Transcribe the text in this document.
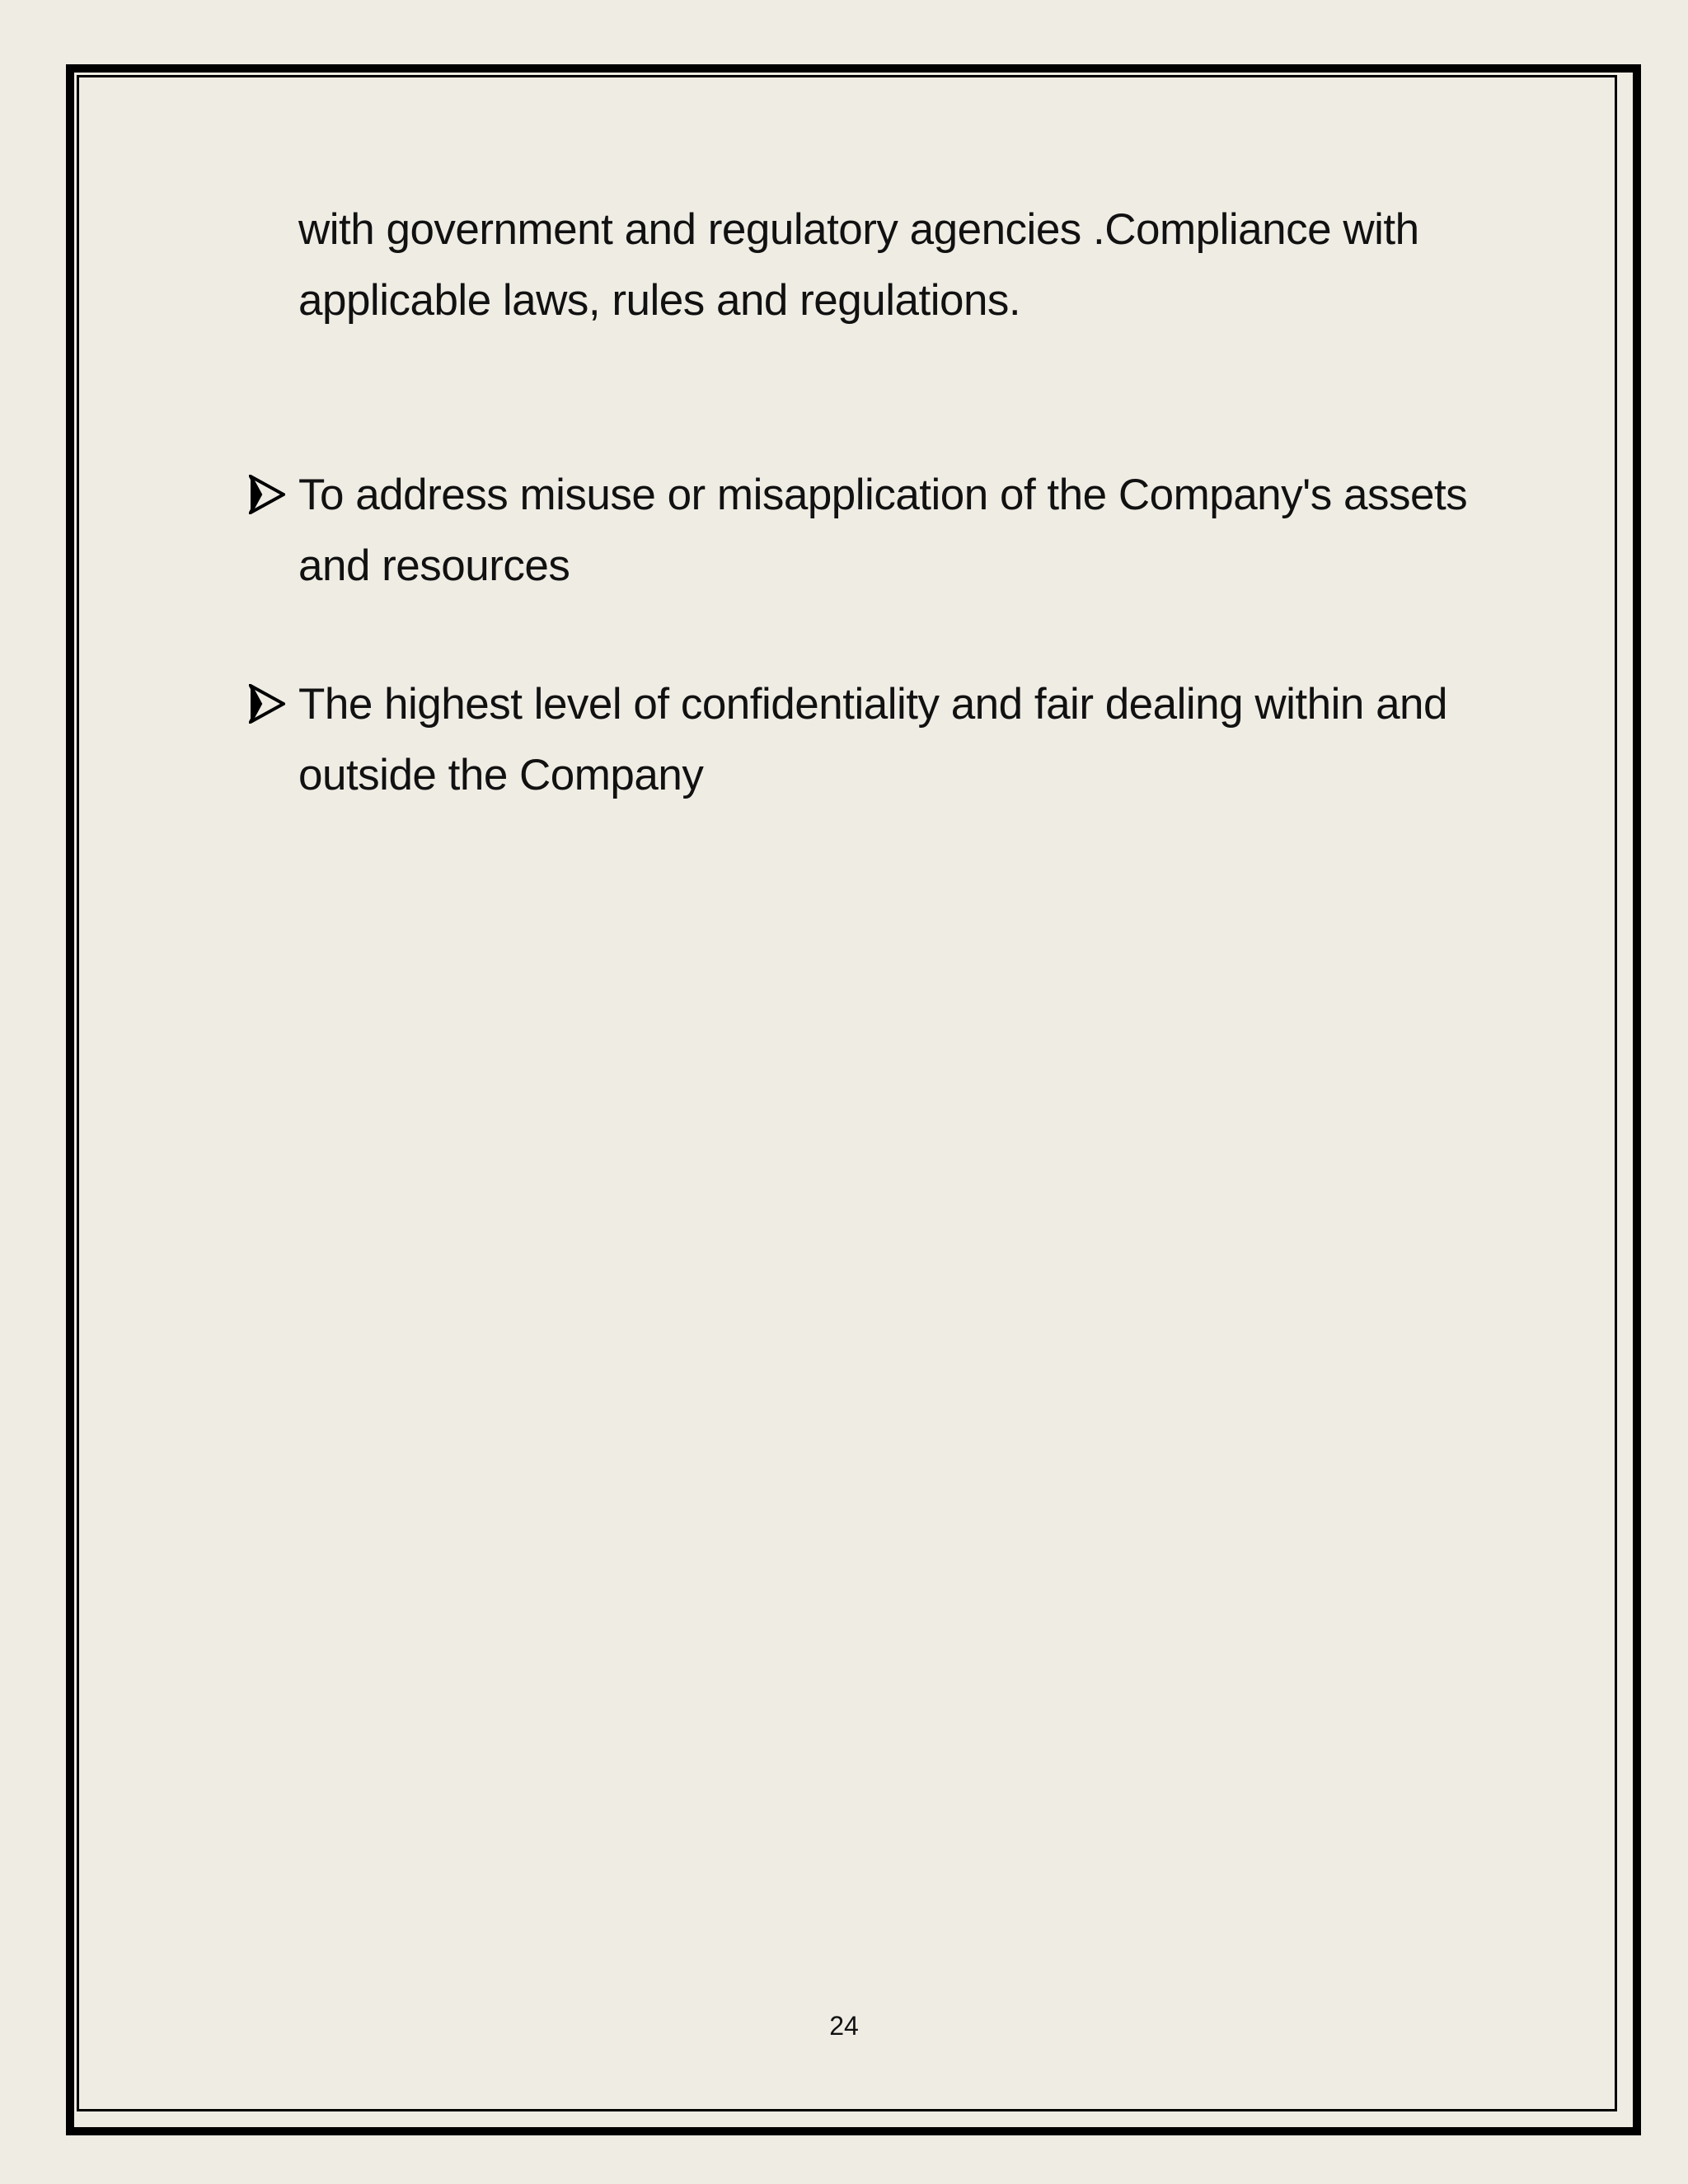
with government and regulatory agencies .Compliance with applicable laws, rules and regulations.

To address misuse or misapplication of the Company's assets and resources
The highest level of confidentiality and fair dealing within and outside the Company
24
